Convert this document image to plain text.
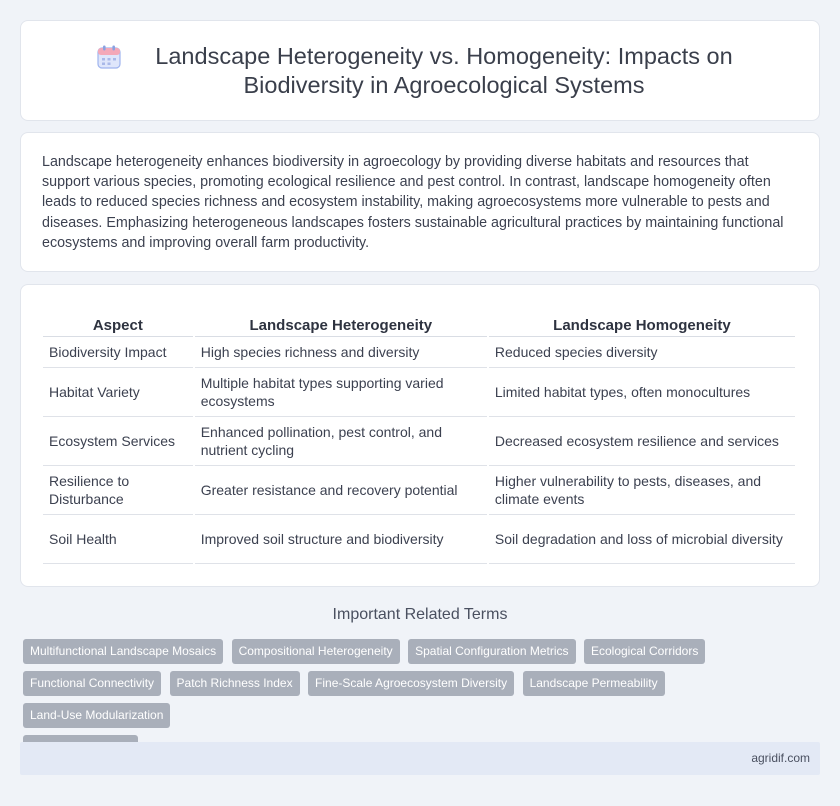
Landscape Heterogeneity vs. Homogeneity: Impacts on Biodiversity in Agroecological Systems

Landscape heterogeneity enhances biodiversity in agroecology by providing diverse habitats and resources that support various species, promoting ecological resilience and pest control. In contrast, landscape homogeneity often leads to reduced species richness and ecosystem instability, making agroecosystems more vulnerable to pests and diseases. Emphasizing heterogeneous landscapes fosters sustainable agricultural practices by maintaining functional ecosystems and improving overall farm productivity.

Aspect	Landscape Heterogeneity	Landscape Homogeneity
Biodiversity Impact	High species richness and diversity	Reduced species diversity
Habitat Variety	Multiple habitat types supporting varied ecosystems	Limited habitat types, often monocultures
Ecosystem Services	Enhanced pollination, pest control, and nutrient cycling	Decreased ecosystem resilience and services
Resilience to Disturbance	Greater resistance and recovery potential	Higher vulnerability to pests, diseases, and climate events
Soil Health	Improved soil structure and biodiversity	Soil degradation and loss of microbial diversity
Important Related Terms
Multifunctional Landscape Mosaics Compositional Heterogeneity Spatial Configuration Metrics Ecological Corridors
Functional Connectivity Patch Richness Index Fine-Scale Agroecosystem Diversity Landscape Permeability Land-Use Modularization

agridif.com
